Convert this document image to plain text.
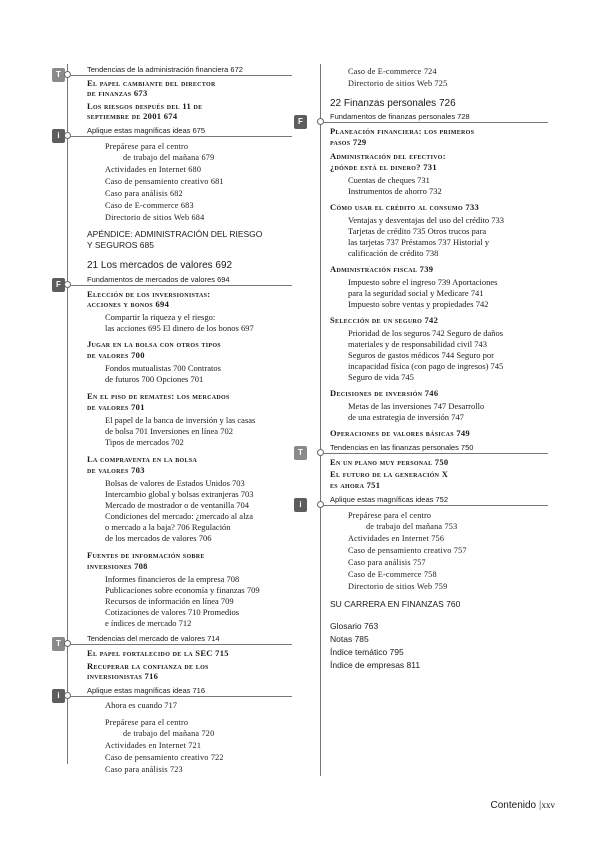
T
Tendencias de la administración financiera 672
El papel cambiante del director
de finanzas 673
Los riesgos después del 11 de
septiembre de 2001 674
i
Aplique estas magníficas ideas 675
Prepárese para el centro
de trabajo del mañana 679
Actividades en Internet 680
Caso de pensamiento creativo 681
Caso para análisis 682
Caso de E-commerce 683
Directorio de sitios Web 684
APÉNDICE: ADMINISTRACIÓN DEL RIESGO
Y SEGUROS 685
21 Los mercados de valores 692
F
Fundamentos de mercados de valores 694
Elección de los inversionistas:
acciones y bonos 694
Compartir la riqueza y el riesgo:
las acciones 695 El dinero de los bonos 697
Jugar en la bolsa con otros tipos
de valores 700
Fondos mutualistas 700 Contratos
de futuros 700 Opciones 701
En el piso de remates: los mercados
de valores 701
El papel de la banca de inversión y las casas
de bolsa 701 Inversiones en línea 702
Tipos de mercados 702
La compraventa en la bolsa
de valores 703
Bolsas de valores de Estados Unidos 703
Intercambio global y bolsas extranjeras 703
Mercado de mostrador o de ventanilla 704
Condiciones del mercado: ¿mercado al alza
o mercado a la baja? 706 Regulación
de los mercados de valores 706
Fuentes de información sobre
inversiones 708
Informes financieros de la empresa 708
Publicaciones sobre economía y finanzas 709
Recursos de información en línea 709
Cotizaciones de valores 710 Promedios
e índices de mercado 712
T
Tendencias del mercado de valores 714
El papel fortalecido de la SEC 715
Recuperar la confianza de los
inversionistas 716
i
Aplique estas magníficas ideas 716
Ahora es cuando 717
Prepárese para el centro
de trabajo del mañana 720
Actividades en Internet 721
Caso de pensamiento creativo 722
Caso para análisis 723
Caso de E-commerce 724
Directorio de sitios Web 725
22 Finanzas personales 726
F
Fundamentos de finanzas personales 728
Planeación financiera: los primeros
pasos 729
Administración del efectivo:
¿dónde está el dinero? 731
Cuentas de cheques 731
Instrumentos de ahorro 732
Cómo usar el crédito al consumo 733
Ventajas y desventajas del uso del crédito 733
Tarjetas de crédito 735 Otros trucos para
las tarjetas 737 Préstamos 737 Historial y
calificación de crédito 738
Administración fiscal 739
Impuesto sobre el ingreso 739 Aportaciones
para la seguridad social y Medicare 741
Impuesto sobre ventas y propiedades 742
Selección de un seguro 742
Prioridad de los seguros 742 Seguro de daños
materiales y de responsabilidad civil 743
Seguros de gastos médicos 744 Seguro por
incapacidad física (con pago de ingresos) 745
Seguro de vida 745
Decisiones de inversión 746
Metas de las inversiones 747 Desarrollo
de una estrategia de inversión 747
Operaciones de valores básicas 749
T
Tendencias en las finanzas personales 750
En un plano muy personal 750
El futuro de la generación X
es ahora 751
i
Aplique estas magníficas ideas 752
Prepárese para el centro
de trabajo del mañana 753
Actividades en Internet 756
Caso de pensamiento creativo 757
Caso para análisis 757
Caso de E-commerce 758
Directorio de sitios Web 759
SU CARRERA EN FINANZAS 760
Glosario 763
Notas 785
Índice temático 795
Índice de empresas 811
Contenido |xxv
